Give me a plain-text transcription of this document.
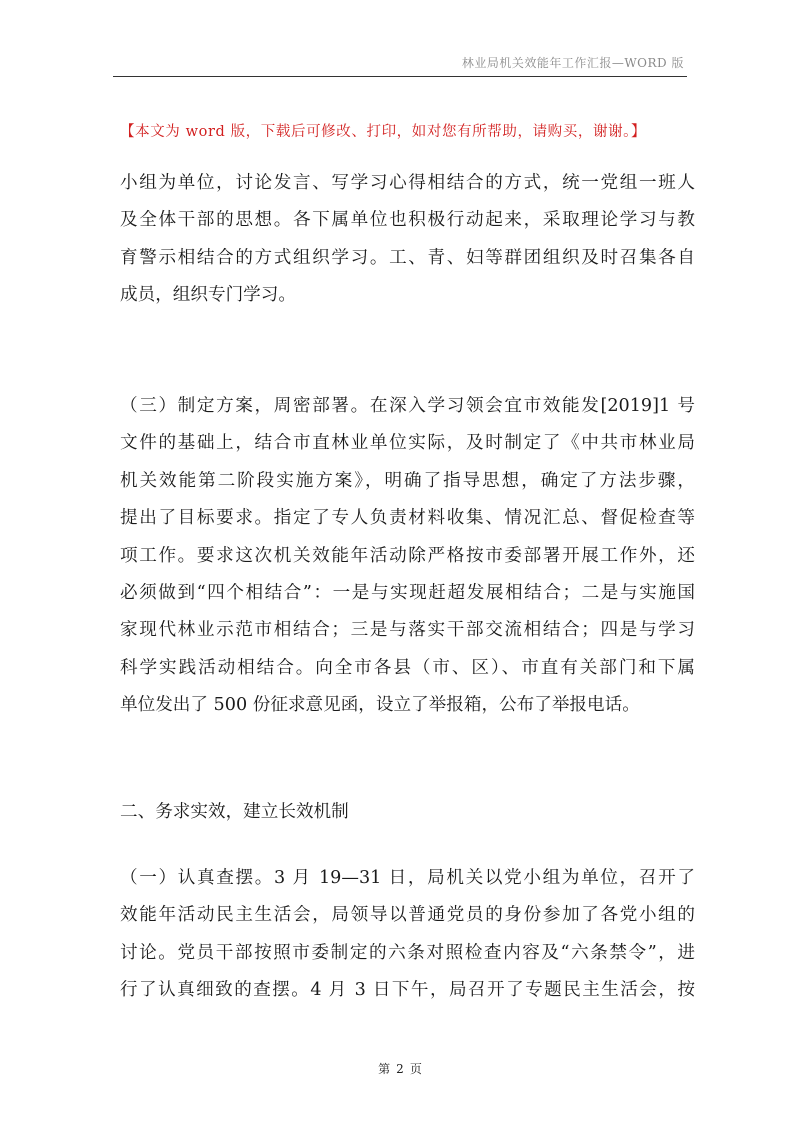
林业局机关效能年工作汇报—WORD 版
【本文为 word 版，下载后可修改、打印，如对您有所帮助，请购买，谢谢。】
小组为单位，讨论发言、写学习心得相结合的方式，统一党组一班人
及全体干部的思想。各下属单位也积极行动起来，采取理论学习与教
育警示相结合的方式组织学习。工、青、妇等群团组织及时召集各自
成员，组织专门学习。
（三）制定方案，周密部署。在深入学习领会宜市效能发[2019]1 号
文件的基础上，结合市直林业单位实际，及时制定了《中共市林业局
机关效能第二阶段实施方案》，明确了指导思想，确定了方法步骤，
提出了目标要求。指定了专人负责材料收集、情况汇总、督促检查等
项工作。要求这次机关效能年活动除严格按市委部署开展工作外，还
必须做到“四个相结合”：一是与实现赶超发展相结合；二是与实施国
家现代林业示范市相结合；三是与落实干部交流相结合；四是与学习
科学实践活动相结合。向全市各县（市、区）、市直有关部门和下属
单位发出了 500 份征求意见函，设立了举报箱，公布了举报电话。
二、务求实效，建立长效机制
（一）认真查摆。3 月 19—31 日，局机关以党小组为单位，召开了
效能年活动民主生活会，局领导以普通党员的身份参加了各党小组的
讨论。党员干部按照市委制定的六条对照检查内容及“六条禁令”，进
行了认真细致的查摆。4 月 3 日下午，局召开了专题民主生活会，按
第 2 页
